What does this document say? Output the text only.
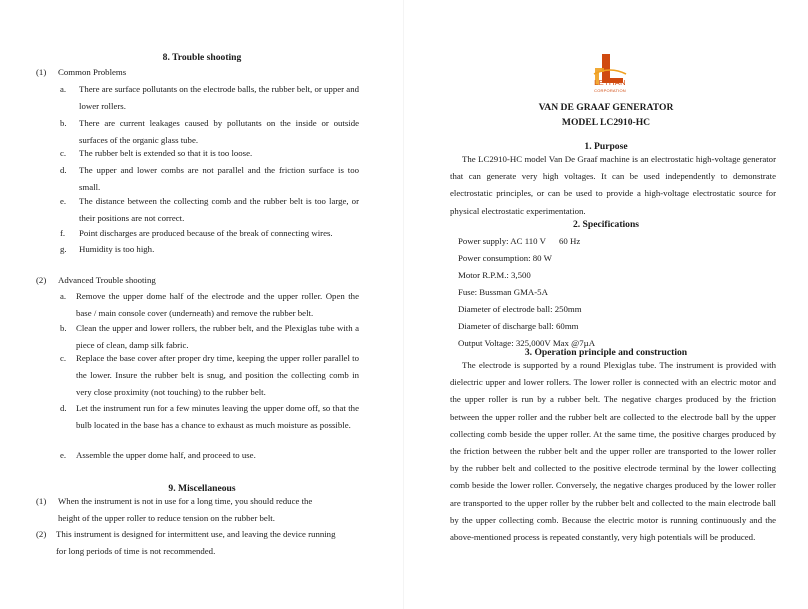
8. Trouble shooting
(1) Common Problems
a. There are surface pollutants on the electrode balls, the rubber belt, or upper and lower rollers.

b. There are current leakages caused by pollutants on the inside or outside surfaces of the organic glass tube.

c. The rubber belt is extended so that it is too loose.

d. The upper and lower combs are not parallel and the friction surface is too small.

e. The distance between the collecting comb and the rubber belt is too large, or their positions are not correct.

f. Point discharges are produced because of the break of connecting wires.

g. Humidity is too high.

(2) Advanced Trouble shooting
a. Remove the upper dome half of the electrode and the upper roller. Open the base / main console cover (underneath) and remove the rubber belt.

b. Clean the upper and lower rollers, the rubber belt, and the Plexiglas tube with a piece of clean, damp silk fabric.

c. Replace the base cover after proper dry time, keeping the upper roller parallel to the lower. Insure the rubber belt is snug, and position the collecting comb in very close proximity (not touching) to the rubber belt.

d. Let the instrument run for a few minutes leaving the upper dome off, so that the bulb located in the base has a chance to exhaust as much moisture as possible.

e. Assemble the upper dome half, and proceed to use.

9. Miscellaneous
(1) When the instrument is not in use for a long time, you should reduce the
height of the upper roller to reduce tension on the rubber belt.
(2) This instrument is designed for intermittent use, and leaving the device running
for long periods of time is not recommended.
LETHAN
CORPORATION
VAN DE GRAAF GENERATOR
MODEL LC2910-HC
1. Purpose

The LC2910-HC model Van De Graaf machine is an electrostatic high-voltage generator that can generate very high voltages. It can be used independently to demonstrate electrostatic principles, or can be used to provide a high-voltage electrostatic source for physical electrostatic experimentation.

2. Specifications
Power supply: AC 110 V      60 Hz
Power consumption: 80 W
Motor R.P.M.: 3,500
Fuse: Bussman GMA-5A
Diameter of electrode ball: 250mm
Diameter of discharge ball: 60mm
Output Voltage: 325,000V Max @7µA
3. Operation principle and construction

The electrode is supported by a round Plexiglas tube. The instrument is provided with dielectric upper and lower rollers. The lower roller is connected with an electric motor and the upper roller is run by a rubber belt. The negative charges produced by the friction between the upper roller and the rubber belt are collected to the electrode ball by the upper collecting comb beside the upper roller. At the same time, the positive charges produced by the friction between the rubber belt and the upper roller are transported to the lower roller by the rubber belt and collected to the positive electrode terminal by the lower collecting comb beside the lower roller. Conversely, the negative charges produced by the lower roller are transported to the upper roller by the rubber belt and collected to the main electrode ball by the upper collecting comb. Because the electric motor is running continuously and the above-mentioned process is repeated constantly, very high potentials will be produced.
